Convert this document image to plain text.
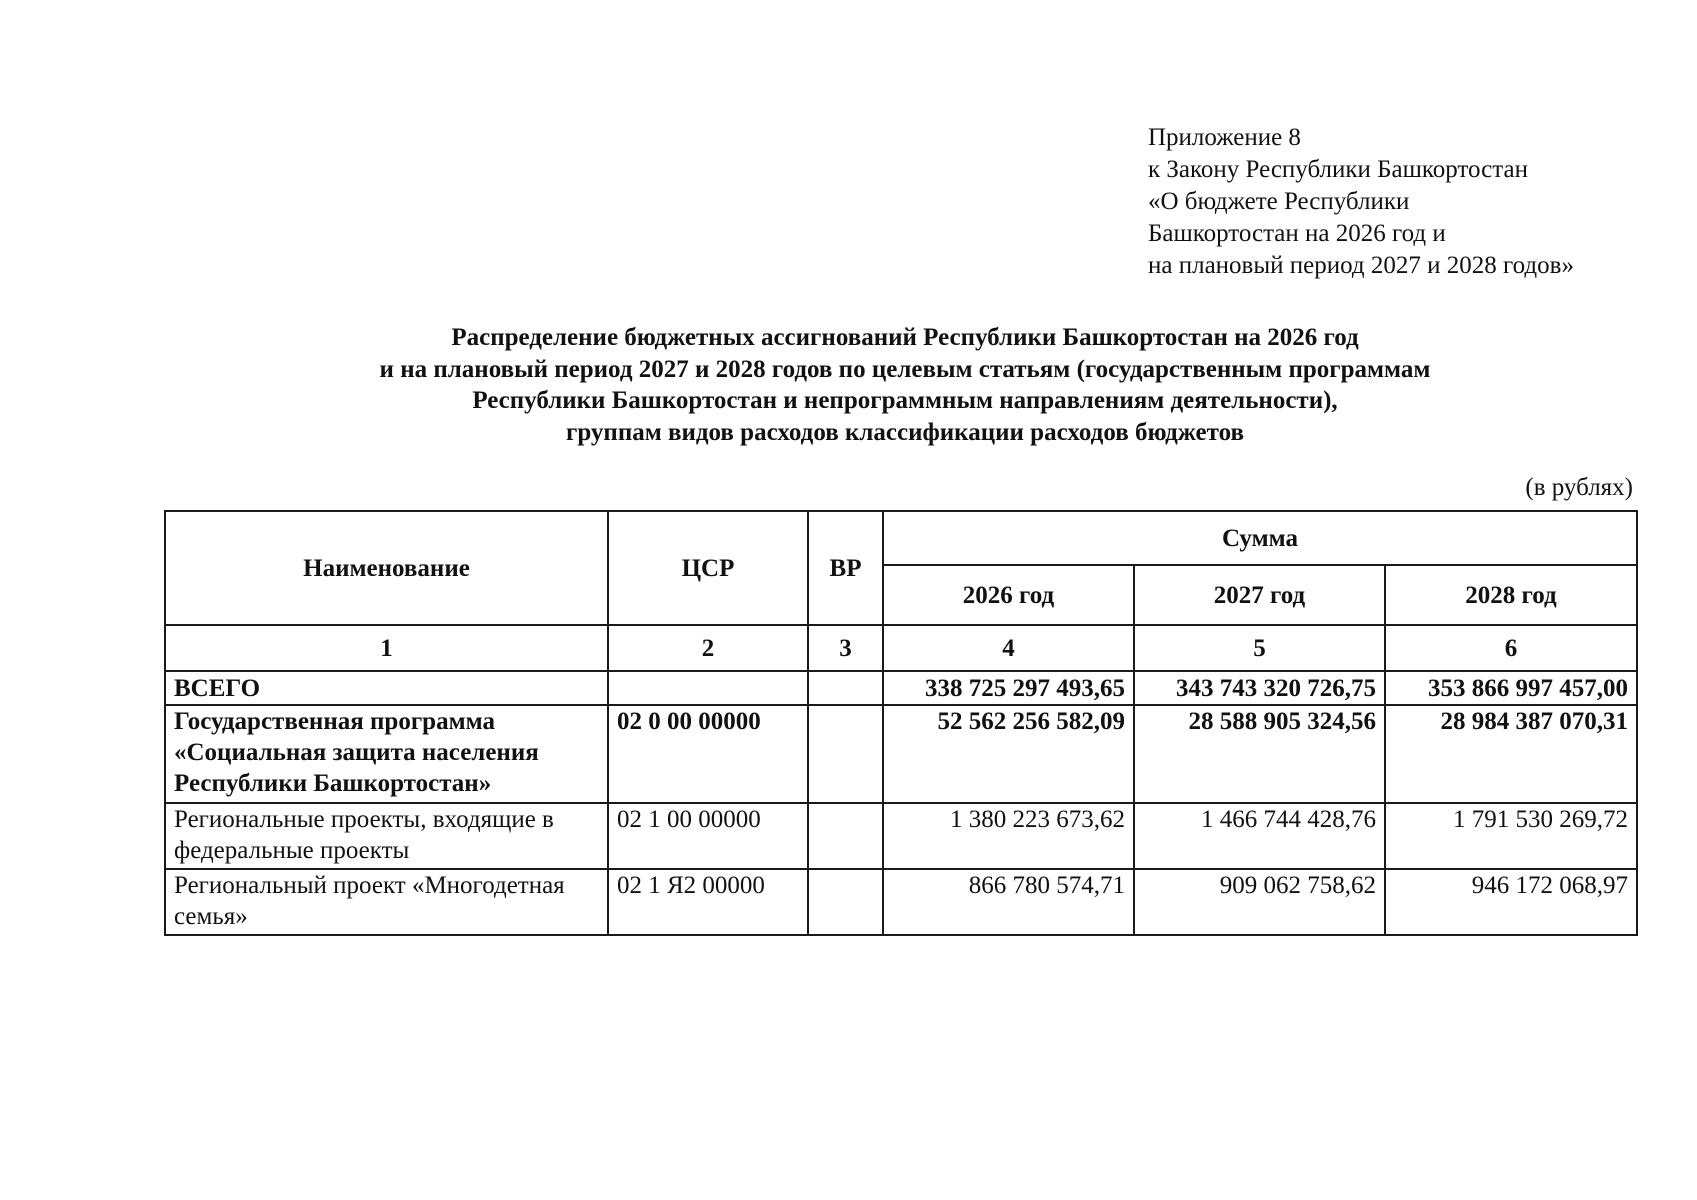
Приложение 8
к Закону Республики Башкортостан
«О бюджете Республики
Башкортостан на 2026 год и
на плановый период 2027 и 2028 годов»
Распределение бюджетных ассигнований Республики Башкортостан на 2026 год
и на плановый период 2027 и 2028 годов по целевым статьям (государственным программам
Республики Башкортостан и непрограммным направлениям деятельности),
группам видов расходов классификации расходов бюджетов
(в рублях)
Наименование	ЦСР	ВР	Сумма		
			2026 год	2027 год	2028 год
1	2	3	4	5	6
ВСЕГО			338 725 297 493,65	343 743 320 726,75	353 866 997 457,00
Государственная программа «Социальная защита населения Республики Башкортостан»	02 0 00 00000		52 562 256 582,09	28 588 905 324,56	28 984 387 070,31
Региональные проекты, входящие в федеральные проекты	02 1 00 00000		1 380 223 673,62	1 466 744 428,76	1 791 530 269,72
Региональный проект «Многодетная семья»	02 1 Я2 00000		866 780 574,71	909 062 758,62	946 172 068,97
